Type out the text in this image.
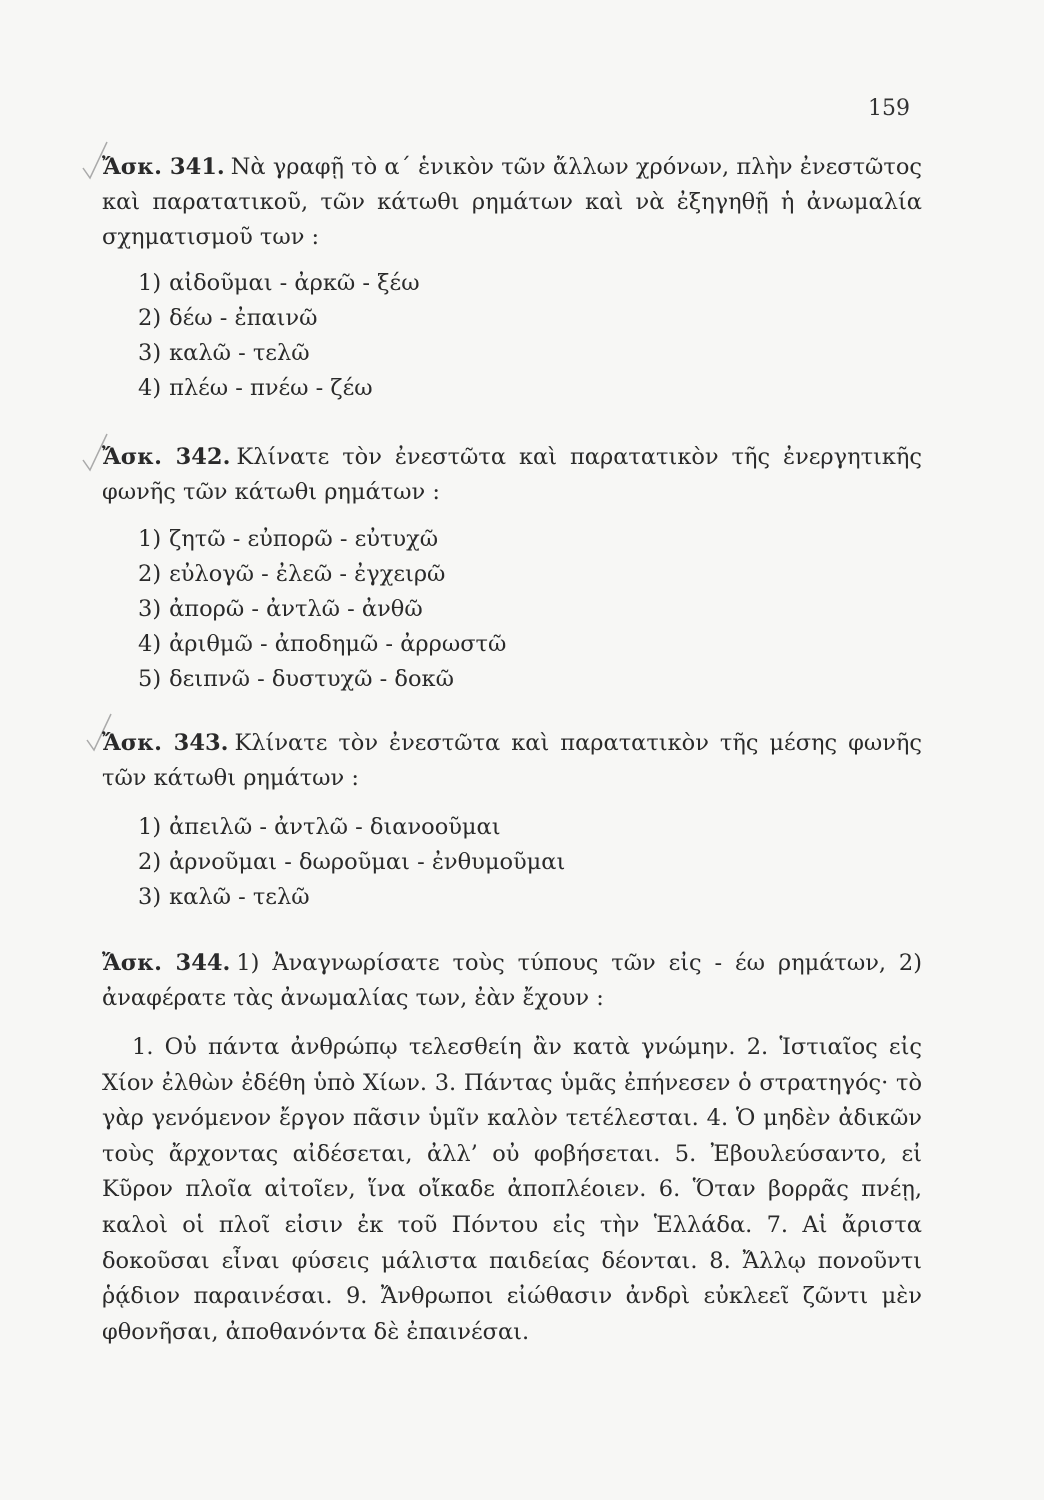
159
Ἄσκ. 341. Νὰ γραφῇ τὸ α΄ ἑνικὸν τῶν ἄλλων χρόνων, πλὴν ἐνεστῶτος καὶ παρατατικοῦ, τῶν κάτωθι ρημάτων καὶ νὰ ἐξηγηθῇ ἡ ἀνωμαλία σχηματισμοῦ των :
1) αἰδοῦμαι - ἀρκῶ - ξέω
2) δέω - ἐπαινῶ
3) καλῶ - τελῶ
4) πλέω - πνέω - ζέω
Ἄσκ. 342. Κλίνατε τὸν ἐνεστῶτα καὶ παρατατικὸν τῆς ἐνεργητικῆς φωνῆς τῶν κάτωθι ρημάτων :
1) ζητῶ - εὐπορῶ - εὐτυχῶ
2) εὐλογῶ - ἐλεῶ - ἐγχειρῶ
3) ἀπορῶ - ἀντλῶ - ἀνθῶ
4) ἀριθμῶ - ἀποδημῶ - ἀρρωστῶ
5) δειπνῶ - δυστυχῶ - δοκῶ
Ἄσκ. 343. Κλίνατε τὸν ἐνεστῶτα καὶ παρατατικὸν τῆς μέσης φωνῆς τῶν κάτωθι ρημάτων :
1) ἀπειλῶ - ἀντλῶ - διανοοῦμαι
2) ἀρνοῦμαι - δωροῦμαι - ἐνθυμοῦμαι
3) καλῶ - τελῶ
Ἄσκ. 344. 1) Ἀναγνωρίσατε τοὺς τύπους τῶν εἰς - έω ρημάτων, 2) ἀναφέρατε τὰς ἀνωμαλίας των, ἐὰν ἔχουν :
1. Οὐ πάντα ἀνθρώπῳ τελεσθείη ἂν κατὰ γνώμην. 2. Ἱστιαῖος εἰς Χίον ἐλθὼν ἐδέθη ὑπὸ Χίων. 3. Πάντας ὑμᾶς ἐπήνεσεν ὁ στρατηγός· τὸ γὰρ γενόμενον ἔργον πᾶσιν ὑμῖν καλὸν τετέλεσται. 4. Ὁ μηδὲν ἀδικῶν τοὺς ἄρχοντας αἰδέσεται, ἀλλ’ οὐ φοβήσεται. 5. Ἐβουλεύσαντο, εἰ Κῦρον πλοῖα αἰτοῖεν, ἵνα οἴκαδε ἀποπλέοιεν. 6. Ὅταν βορρᾶς πνέῃ, καλοὶ οἱ πλοῖ εἰσιν ἐκ τοῦ Πόντου εἰς τὴν Ἑλλάδα. 7. Αἱ ἄριστα δοκοῦσαι εἶναι φύσεις μάλιστα παιδείας δέονται. 8. Ἄλλῳ πονοῦντι ῥᾴδιον παραινέσαι. 9. Ἄνθρωποι εἰώθασιν ἀνδρὶ εὐκλεεῖ ζῶντι μὲν φθονῆσαι, ἀποθανόντα δὲ ἐπαινέσαι.
